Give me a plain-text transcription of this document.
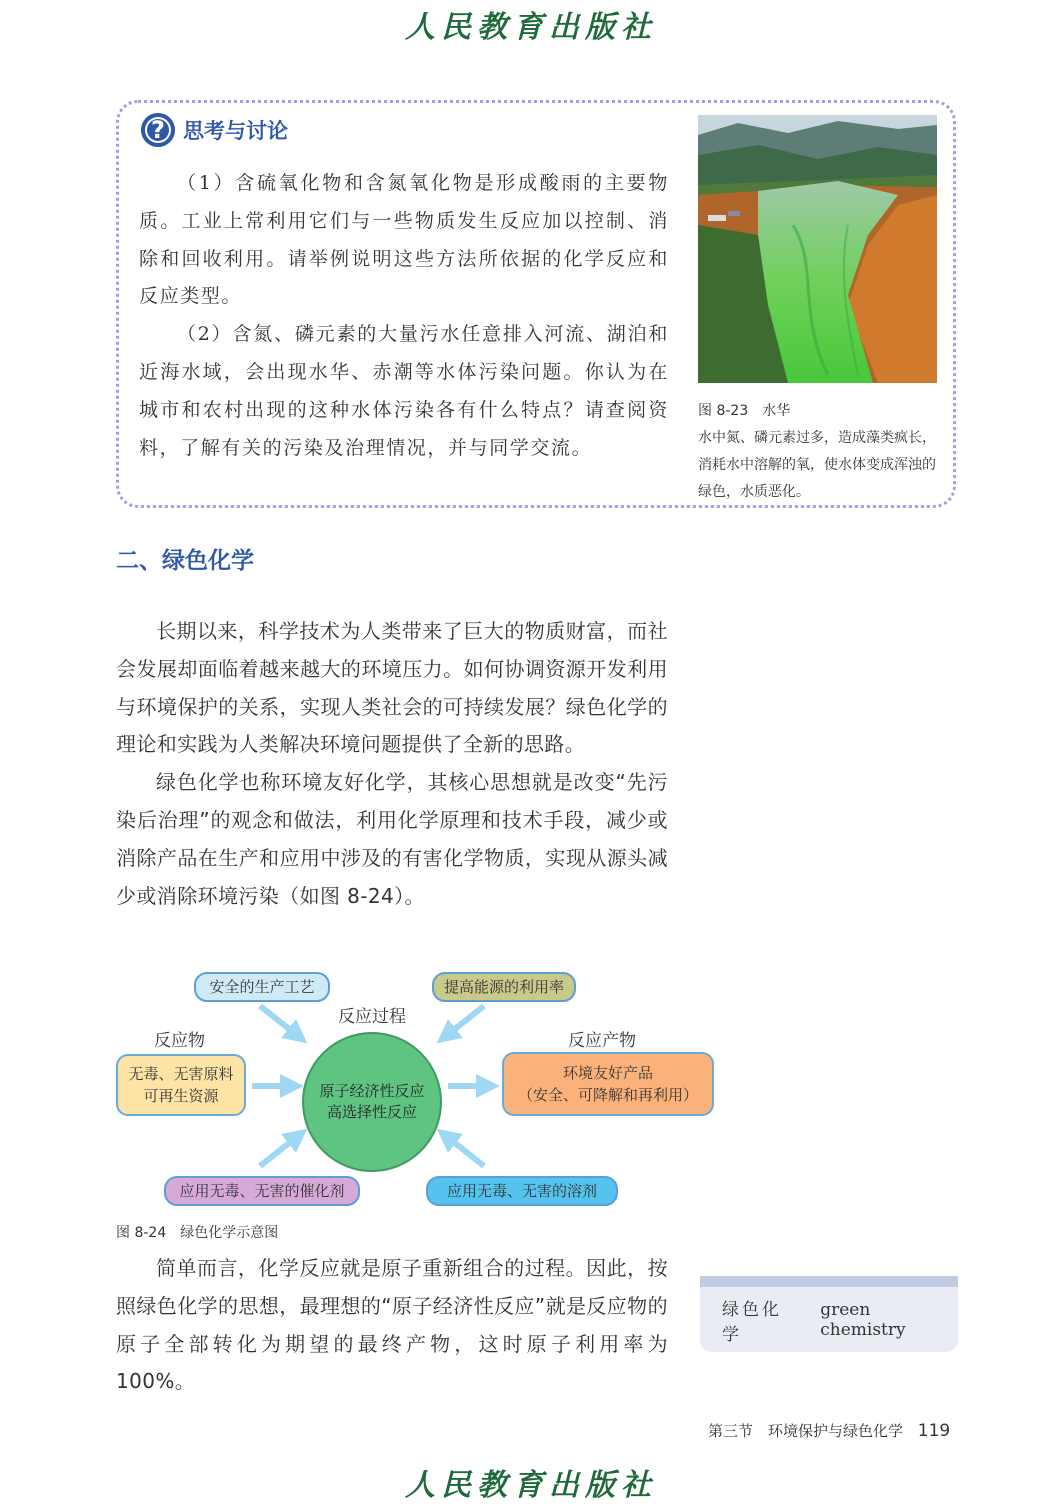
人民教育出版社
? 思考与讨论

（1）含硫氧化物和含氮氧化物是形成酸雨的主要物质。工业上常利用它们与一些物质发生反应加以控制、消除和回收利用。请举例说明这些方法所依据的化学反应和反应类型。

（2）含氮、磷元素的大量污水任意排入河流、湖泊和近海水域，会出现水华、赤潮等水体污染问题。你认为在城市和农村出现的这种水体污染各有什么特点？请查阅资料，了解有关的污染及治理情况，并与同学交流。

图 8-23　水华
水中氮、磷元素过多，造成藻类疯长，消耗水中溶解的氧，使水体变成浑浊的绿色，水质恶化。
二、绿色化学

长期以来，科学技术为人类带来了巨大的物质财富，而社会发展却面临着越来越大的环境压力。如何协调资源开发利用与环境保护的关系，实现人类社会的可持续发展？绿色化学的理论和实践为人类解决环境问题提供了全新的思路。

绿色化学也称环境友好化学，其核心思想就是改变“先污染后治理”的观念和做法，利用化学原理和技术手段，减少或消除产品在生产和应用中涉及的有害化学物质，实现从源头减少或消除环境污染（如图 8-24）。

安全的生产工艺	提高能源的利用率
应用无毒、无害的催化剂	应用无毒、无害的溶剂
反应物
反应过程
反应产物
无毒、无害原料
可再生资源	原子经济性反应
高选择性反应
环境友好产品
（安全、可降解和再利用）
图 8-24　绿色化学示意图

简单而言，化学反应就是原子重新组合的过程。因此，按照绿色化学的思想，最理想的“原子经济性反应”就是反应物的原子全部转化为期望的最终产物，这时原子利用率为 100%。

绿色化学
green chemistry
第三节　环境保护与绿色化学 119
人民教育出版社
